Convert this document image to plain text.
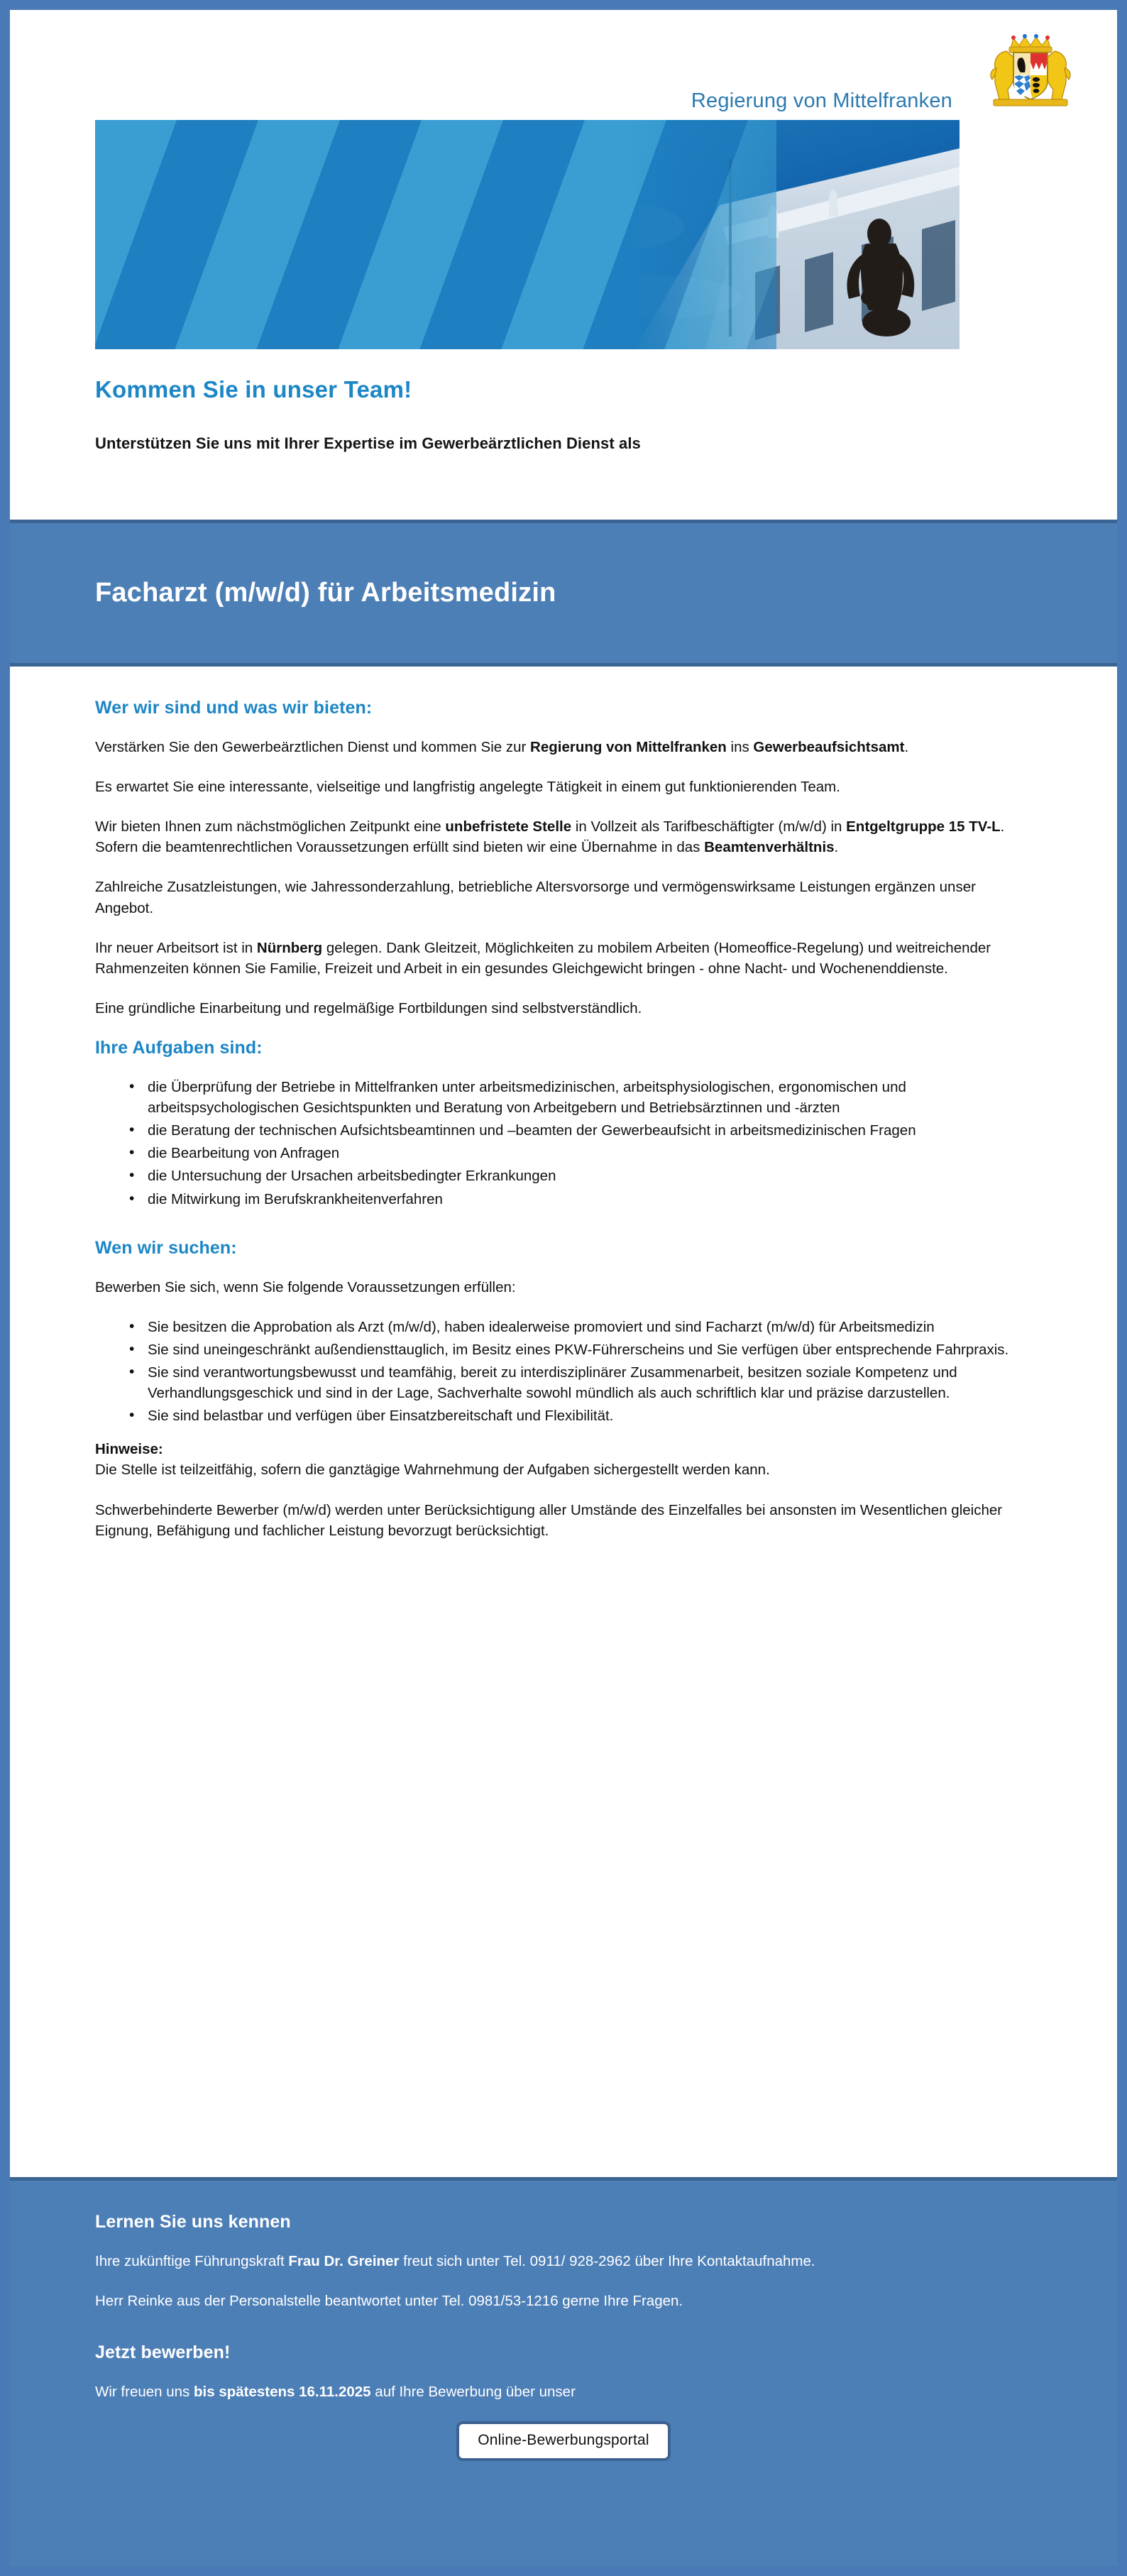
Regierung von Mittelfranken
Kommen Sie in unser Team!
Unterstützen Sie uns mit Ihrer Expertise im Gewerbeärztlichen Dienst als
Facharzt (m/w/d) für Arbeitsmedizin
Wer wir sind und was wir bieten:

Verstärken Sie den Gewerbeärztlichen Dienst und kommen Sie zur Regierung von Mittelfranken ins Gewerbeaufsichtsamt.

Es erwartet Sie eine interessante, vielseitige und langfristig angelegte Tätigkeit in einem gut funktionierenden Team.

Wir bieten Ihnen zum nächstmöglichen Zeitpunkt eine unbefristete Stelle in Vollzeit als Tarifbeschäftigter (m/w/d) in Entgeltgruppe 15 TV-L.

Sofern die beamtenrechtlichen Voraussetzungen erfüllt sind bieten wir eine Übernahme in das Beamtenverhältnis.

Zahlreiche Zusatzleistungen, wie Jahressonderzahlung, betriebliche Altersvorsorge und vermögenswirksame Leistungen ergänzen unser Angebot.

Ihr neuer Arbeitsort ist in Nürnberg gelegen. Dank Gleitzeit, Möglichkeiten zu mobilem Arbeiten (Homeoffice-Regelung) und weitreichender Rahmenzeiten können Sie Familie, Freizeit und Arbeit in ein gesundes Gleichgewicht bringen - ohne Nacht- und Wochenenddienste.

Eine gründliche Einarbeitung und regelmäßige Fortbildungen sind selbstverständlich.

Ihre Aufgaben sind:
• die Überprüfung der Betriebe in Mittelfranken unter arbeitsmedizinischen, arbeitsphysiologischen, ergonomischen und arbeitspsychologischen Gesichtspunkten und Beratung von Arbeitgebern und Betriebsärztinnen und -ärzten
• die Beratung der technischen Aufsichtsbeamtinnen und –beamten der Gewerbeaufsicht in arbeitsmedizinischen Fragen
• die Bearbeitung von Anfragen
• die Untersuchung der Ursachen arbeitsbedingter Erkrankungen
• die Mitwirkung im Berufskrankheitenverfahren
Wen wir suchen:

Bewerben Sie sich, wenn Sie folgende Voraussetzungen erfüllen:

• Sie besitzen die Approbation als Arzt (m/w/d), haben idealerweise promoviert und sind Facharzt (m/w/d) für Arbeitsmedizin
• Sie sind uneingeschränkt außendiensttauglich, im Besitz eines PKW-Führerscheins und Sie verfügen über entsprechende Fahrpraxis.
• Sie sind verantwortungsbewusst und teamfähig, bereit zu interdisziplinärer Zusammenarbeit, besitzen soziale Kompetenz und Verhandlungsgeschick und sind in der Lage, Sachverhalte sowohl mündlich als auch schriftlich klar und präzise darzustellen.
• Sie sind belastbar und verfügen über Einsatzbereitschaft und Flexibilität.

Hinweise:

Die Stelle ist teilzeitfähig, sofern die ganztägige Wahrnehmung der Aufgaben sichergestellt werden kann.

Schwerbehinderte Bewerber (m/w/d) werden unter Berücksichtigung aller Umstände des Einzelfalles bei ansonsten im Wesentlichen gleicher Eignung, Befähigung und fachlicher Leistung bevorzugt berücksichtigt.

Lernen Sie uns kennen

Ihre zukünftige Führungskraft Frau Dr. Greiner freut sich unter Tel. 0911/ 928-2962 über Ihre Kontaktaufnahme.

Herr Reinke aus der Personalstelle beantwortet unter Tel. 0981/53-1216 gerne Ihre Fragen.

Jetzt bewerben!

Wir freuen uns bis spätestens 16.11.2025 auf Ihre Bewerbung über unser

Online-Bewerbungsportal
